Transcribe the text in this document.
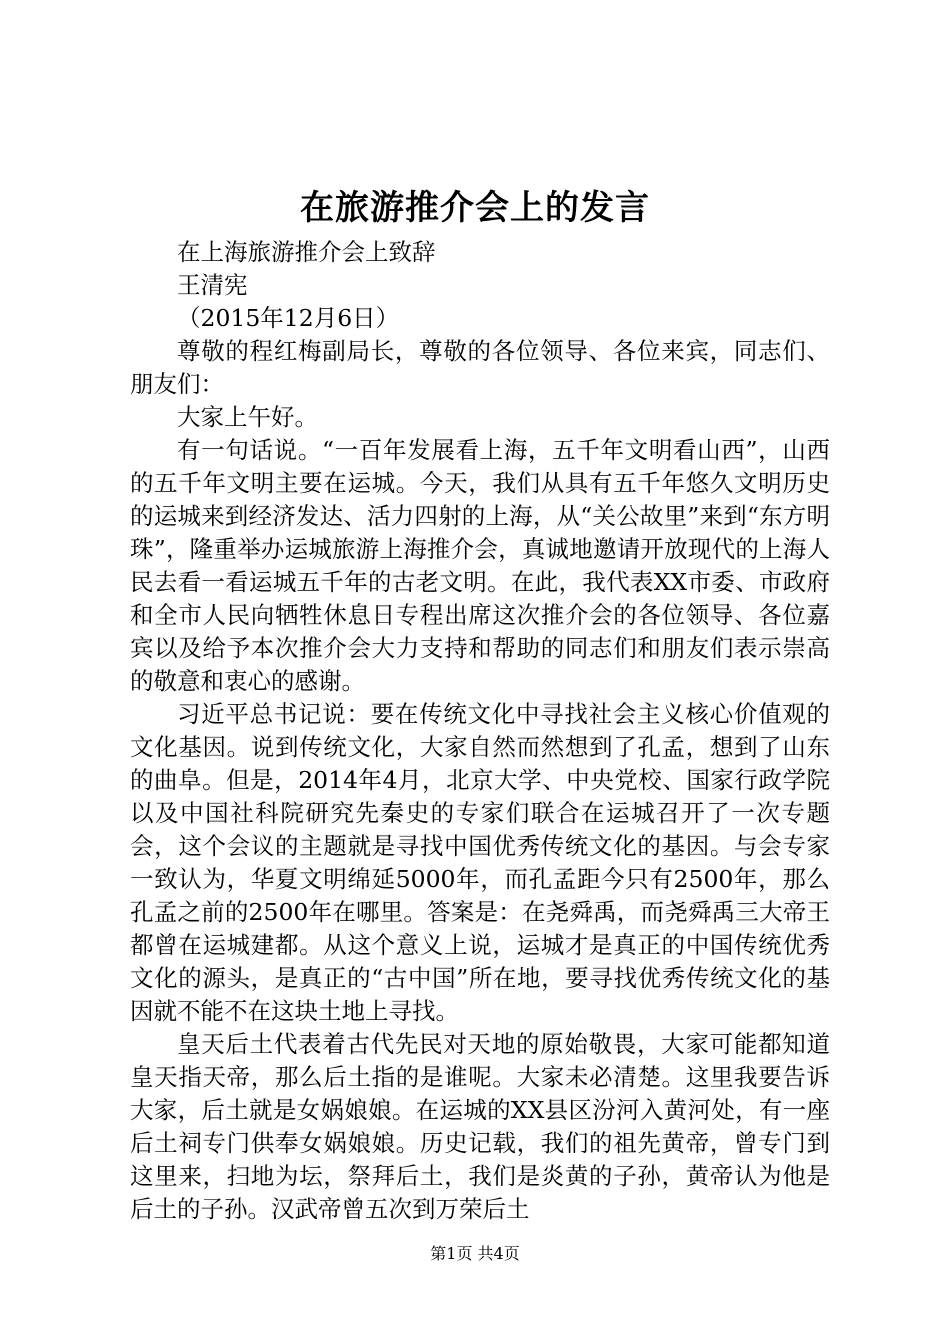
在旅游推介会上的发言

在上海旅游推介会上致辞

王清宪

（2015年12月6日）

尊敬的程红梅副局长，尊敬的各位领导、各位来宾，同志们、朋友们：

大家上午好。

有一句话说。“一百年发展看上海，五千年文明看山西”，山西的五千年文明主要在运城。今天，我们从具有五千年悠久文明历史的运城来到经济发达、活力四射的上海，从“关公故里”来到“东方明珠”，隆重举办运城旅游上海推介会，真诚地邀请开放现代的上海人民去看一看运城五千年的古老文明。在此，我代表XX市委、市政府和全市人民向牺牲休息日专程出席这次推介会的各位领导、各位嘉宾以及给予本次推介会大力支持和帮助的同志们和朋友们表示崇高的敬意和衷心的感谢。

习近平总书记说：要在传统文化中寻找社会主义核心价值观的文化基因。说到传统文化，大家自然而然想到了孔孟，想到了山东的曲阜。但是，2014年4月，北京大学、中央党校、国家行政学院以及中国社科院研究先秦史的专家们联合在运城召开了一次专题会，这个会议的主题就是寻找中国优秀传统文化的基因。与会专家一致认为，华夏文明绵延5000年，而孔孟距今只有2500年，那么孔孟之前的2500年在哪里。答案是：在尧舜禹，而尧舜禹三大帝王都曾在运城建都。从这个意义上说，运城才是真正的中国传统优秀文化的源头，是真正的“古中国”所在地，要寻找优秀传统文化的基因就不能不在这块土地上寻找。

皇天后土代表着古代先民对天地的原始敬畏，大家可能都知道皇天指天帝，那么后土指的是谁呢。大家未必清楚。这里我要告诉大家，后土就是女娲娘娘。在运城的XX县区汾河入黄河处，有一座后土祠专门供奉女娲娘娘。历史记载，我们的祖先黄帝，曾专门到这里来，扫地为坛，祭拜后土，我们是炎黄的子孙，黄帝认为他是后土的子孙。汉武帝曾五次到万荣后土

第1页 共4页
